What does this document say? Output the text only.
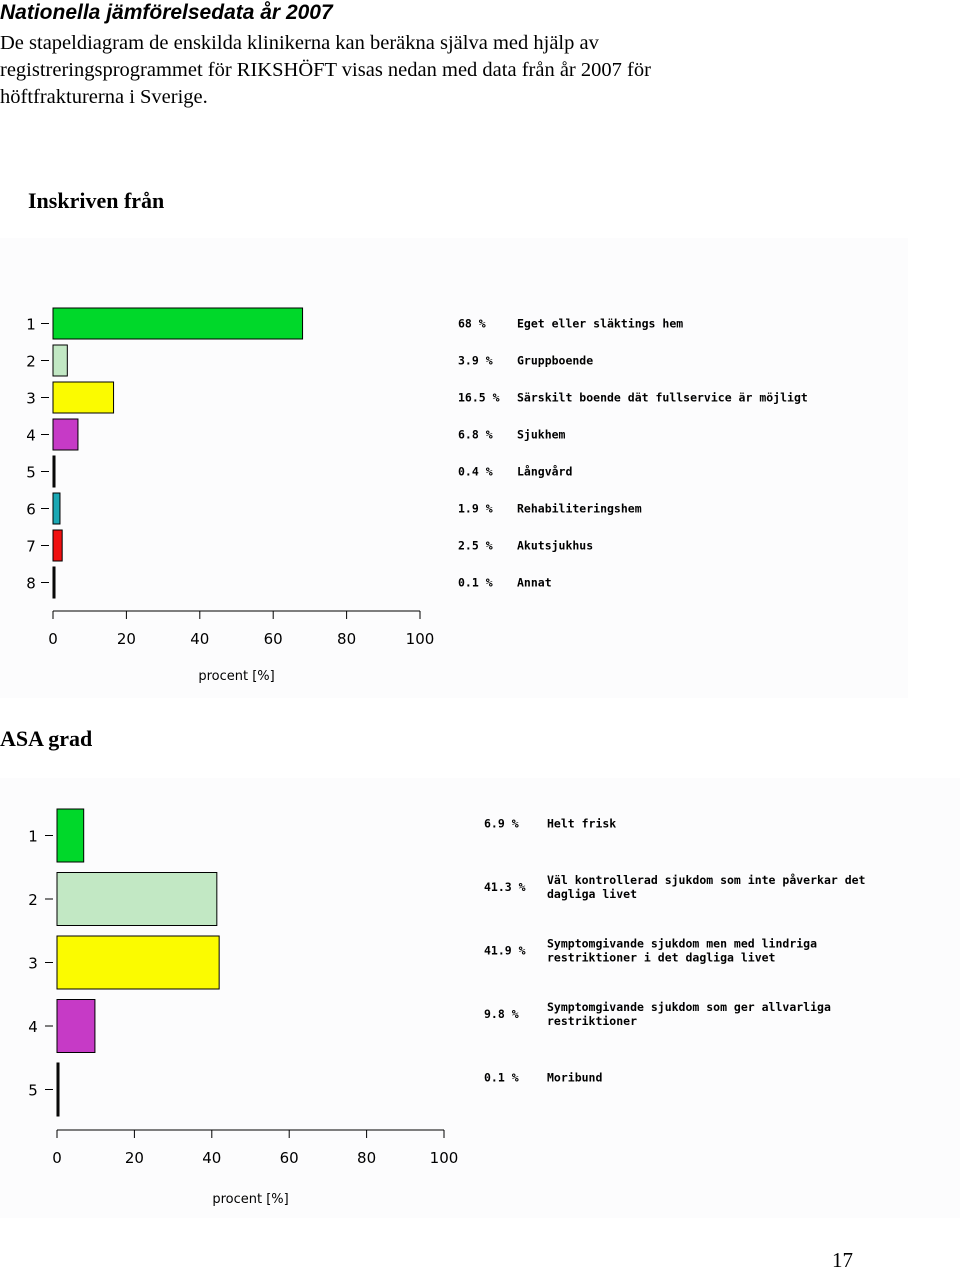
Nationella jämförelsedata år 2007
De stapeldiagram de enskilda klinikerna kan beräkna själva med hjälp av registreringsprogrammet för RIKSHÖFT visas nedan med data från år 2007 för höftfrakturerna i Sverige.
Inskriven från
1	68 %	Eget eller släktings hem
2	3.9 % Gruppboende
3	16.5 % Särskilt boende dät fullservice är möjligt
4	6.8 % Sjukhem
5	0.4 % Långvård
6	1.9 % Rehabiliteringshem
7	2.5 % Akutsjukhus
8	0.1 % Annat
0	20	40	60	80	100
procent [%]
ASA grad
1
6.9 % Helt frisk
2
41.3 % Väl kontrollerad sjukdom som inte påverkar det
dagliga livet
3
41.9 % Symptomgivande sjukdom men med lindriga
restriktioner i det dagliga livet
4
9.8 % Symptomgivande sjukdom som ger allvarliga
restriktioner
5
0.1 % Moribund
0	20	40	60	80	100
procent [%]
17
